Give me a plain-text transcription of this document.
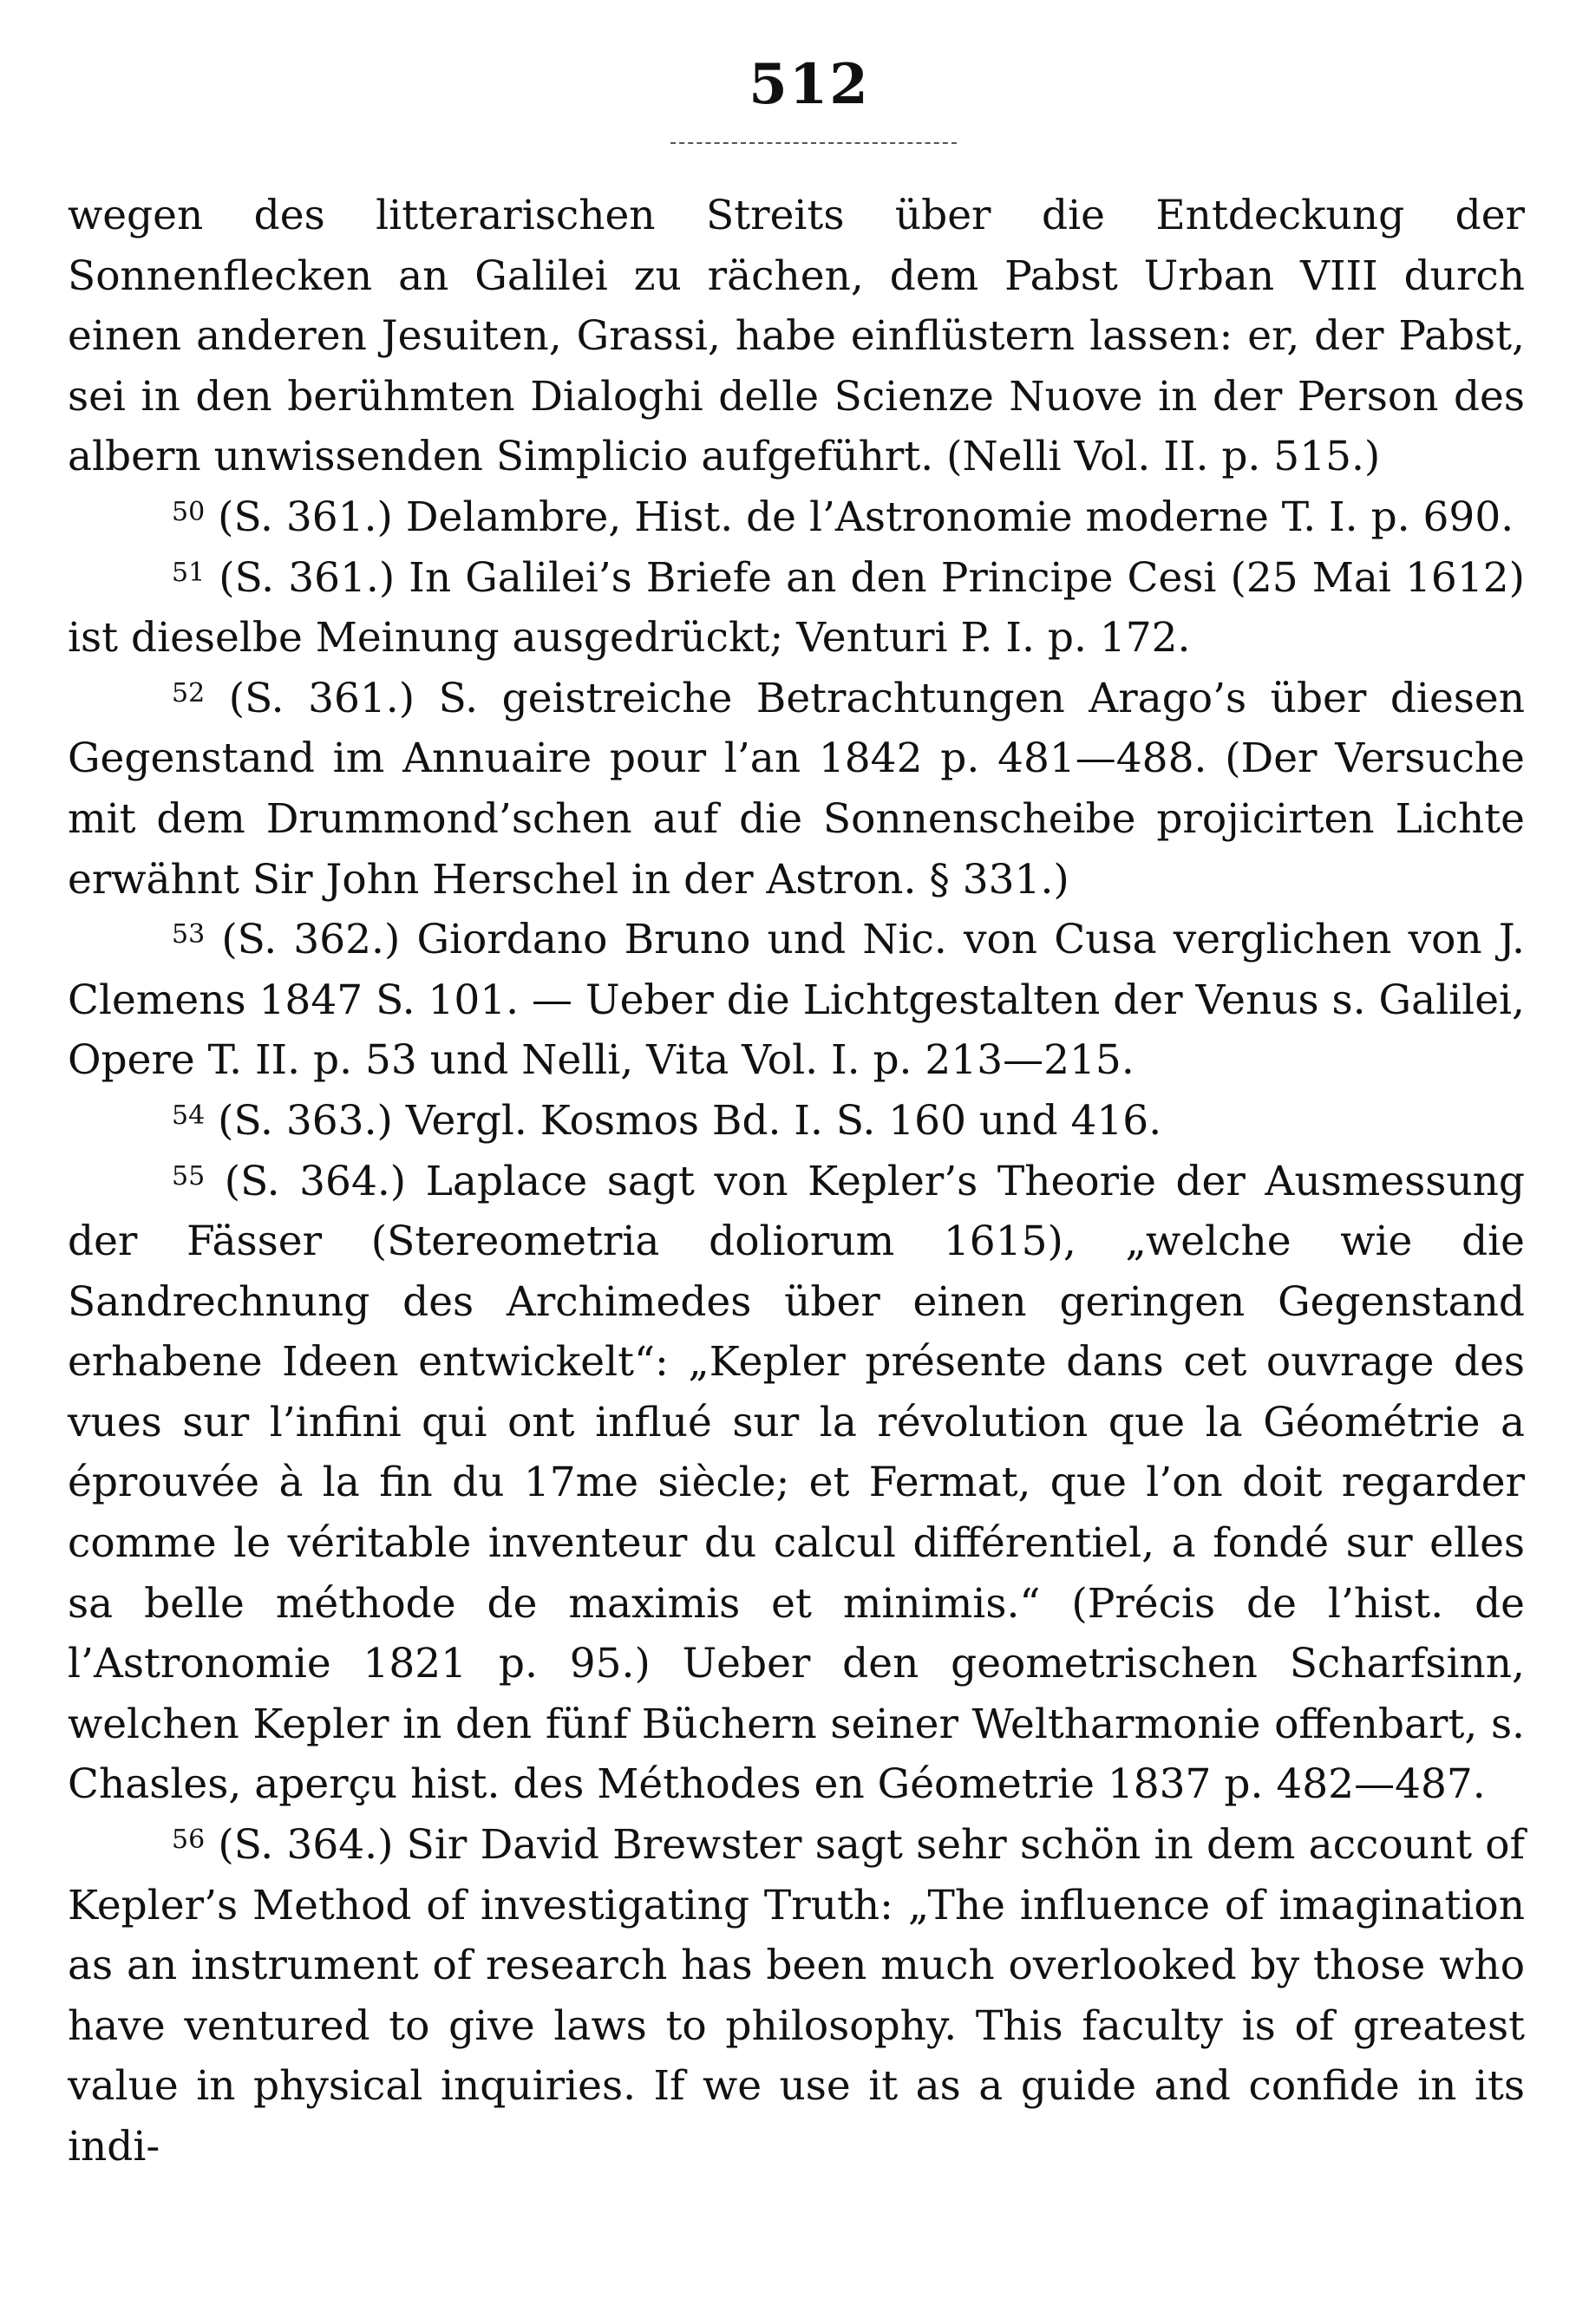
512

wegen des litterarischen Streits über die Entdeckung der Sonnenflecken an Galilei zu rächen, dem Pabst Urban VIII durch einen anderen Jesuiten, Grassi, habe einflüstern lassen: er, der Pabst, sei in den berühmten Dialoghi delle Scienze Nuove in der Person des albern unwissenden Simplicio aufgeführt. (Nelli Vol. II. p. 515.)

$^{50}$ (S. 361.) Delambre, Hist. de l’Astronomie moderne T. I. p. 690.

$^{51}$ (S. 361.) In Galilei’s Briefe an den Principe Cesi (25 Mai 1612) ist dieselbe Meinung ausgedrückt; Venturi P. I. p. 172.

$^{52}$ (S. 361.) S. geistreiche Betrachtungen Arago’s über diesen Gegenstand im Annuaire pour l’an 1842 p. 481—488. (Der Versuche mit dem Drummond’schen auf die Sonnenscheibe projicirten Lichte erwähnt Sir John Herschel in der Astron. § 331.)

$^{53}$ (S. 362.) Giordano Bruno und Nic. von Cusa verglichen von J. Clemens 1847 S. 101. — Ueber die Lichtgestalten der Venus s. Galilei, Opere T. II. p. 53 und Nelli, Vita Vol. I. p. 213—215.

$^{54}$ (S. 363.) Vergl. Kosmos Bd. I. S. 160 und 416.

$^{55}$ (S. 364.) Laplace sagt von Kepler’s Theorie der Ausmessung der Fässer (Stereometria doliorum 1615), „welche wie die Sandrechnung des Archimedes über einen geringen Gegenstand erhabene Ideen entwickelt“: „Kepler présente dans cet ouvrage des vues sur l’infini qui ont influé sur la révolution que la Géométrie a éprouvée à la fin du 17me siècle; et Fermat, que l’on doit regarder comme le véritable inventeur du calcul différentiel, a fondé sur elles sa belle méthode de maximis et minimis.“ (Précis de l’hist. de l’Astronomie 1821 p. 95.) Ueber den geometrischen Scharfsinn, welchen Kepler in den fünf Büchern seiner Weltharmonie offenbart, s. Chasles, aperçu hist. des Méthodes en Géometrie 1837 p. 482—487.

$^{56}$ (S. 364.) Sir David Brewster sagt sehr schön in dem account of Kepler’s Method of investigating Truth: „The influence of imagination as an instrument of research has been much overlooked by those who have ventured to give laws to philosophy. This faculty is of greatest value in physical inquiries. If we use it as a guide and confide in its indi-
